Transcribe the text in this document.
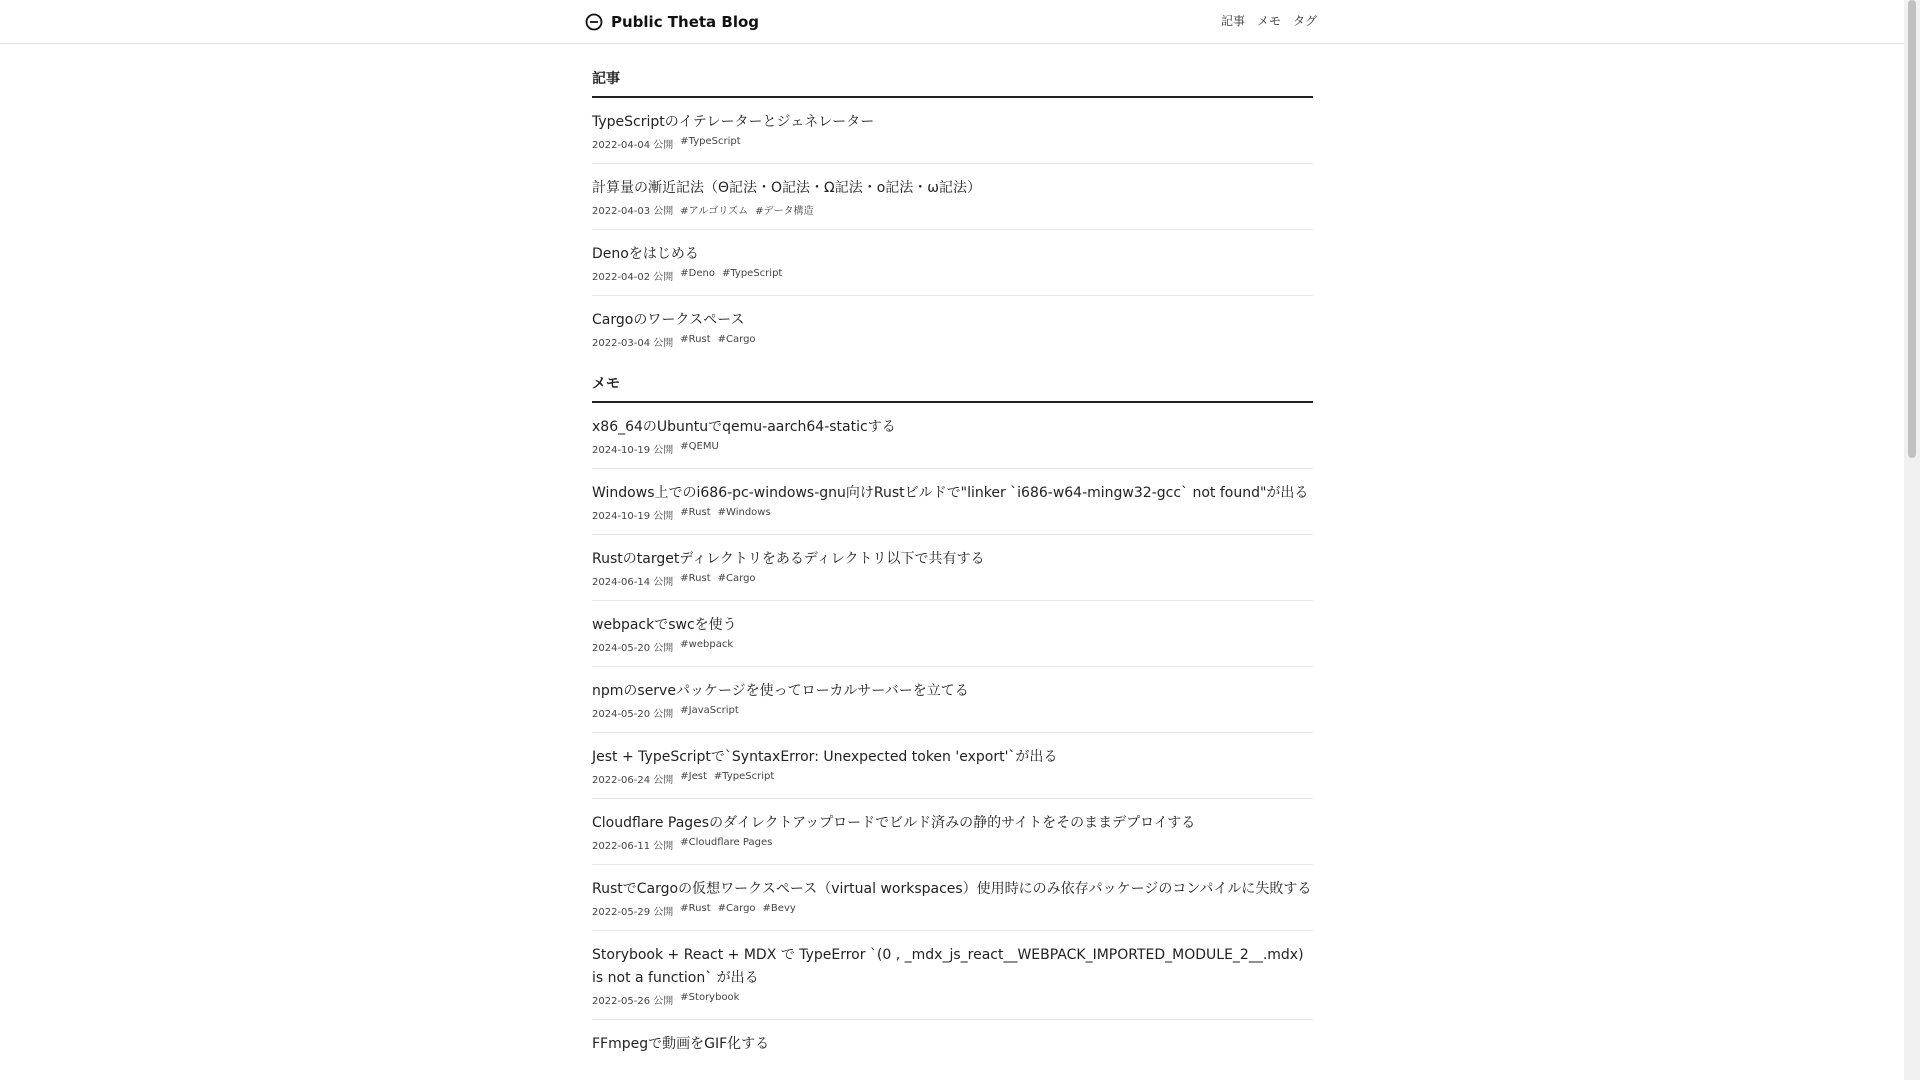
Public Theta Blog	記事 メモ タグ
記事
TypeScriptのイテレーターとジェネレーター
2022-04-04 公開 #TypeScript
計算量の漸近記法（Θ記法・O記法・Ω記法・o記法・ω記法）
2022-04-03 公開 #アルゴリズム #データ構造
Denoをはじめる
2022-04-02 公開 #Deno #TypeScript
Cargoのワークスペース
2022-03-04 公開 #Rust #Cargo
メモ
x86_64のUbuntuでqemu-aarch64-staticする
2024-10-19 公開 #QEMU
Windows上でのi686-pc-windows-gnu向けRustビルドで"linker `i686-w64-mingw32-gcc` not found"が出る
2024-10-19 公開 #Rust #Windows
Rustのtargetディレクトリをあるディレクトリ以下で共有する
2024-06-14 公開 #Rust #Cargo
webpackでswcを使う
2024-05-20 公開 #webpack
npmのserveパッケージを使ってローカルサーバーを立てる
2024-05-20 公開 #JavaScript
Jest + TypeScriptで`SyntaxError: Unexpected token 'export'`が出る
2022-06-24 公開 #Jest #TypeScript
Cloudflare Pagesのダイレクトアップロードでビルド済みの静的サイトをそのままデプロイする
2022-06-11 公開 #Cloudflare Pages
RustでCargoの仮想ワークスペース（virtual workspaces）使用時にのみ依存パッケージのコンパイルに失敗する
2022-05-29 公開 #Rust #Cargo #Bevy
Storybook + React + MDX で TypeError `(0 , _mdx_js_react__WEBPACK_IMPORTED_MODULE_2__.mdx) is not a function` が出る
2022-05-26 公開 #Storybook
FFmpegで動画をGIF化する
